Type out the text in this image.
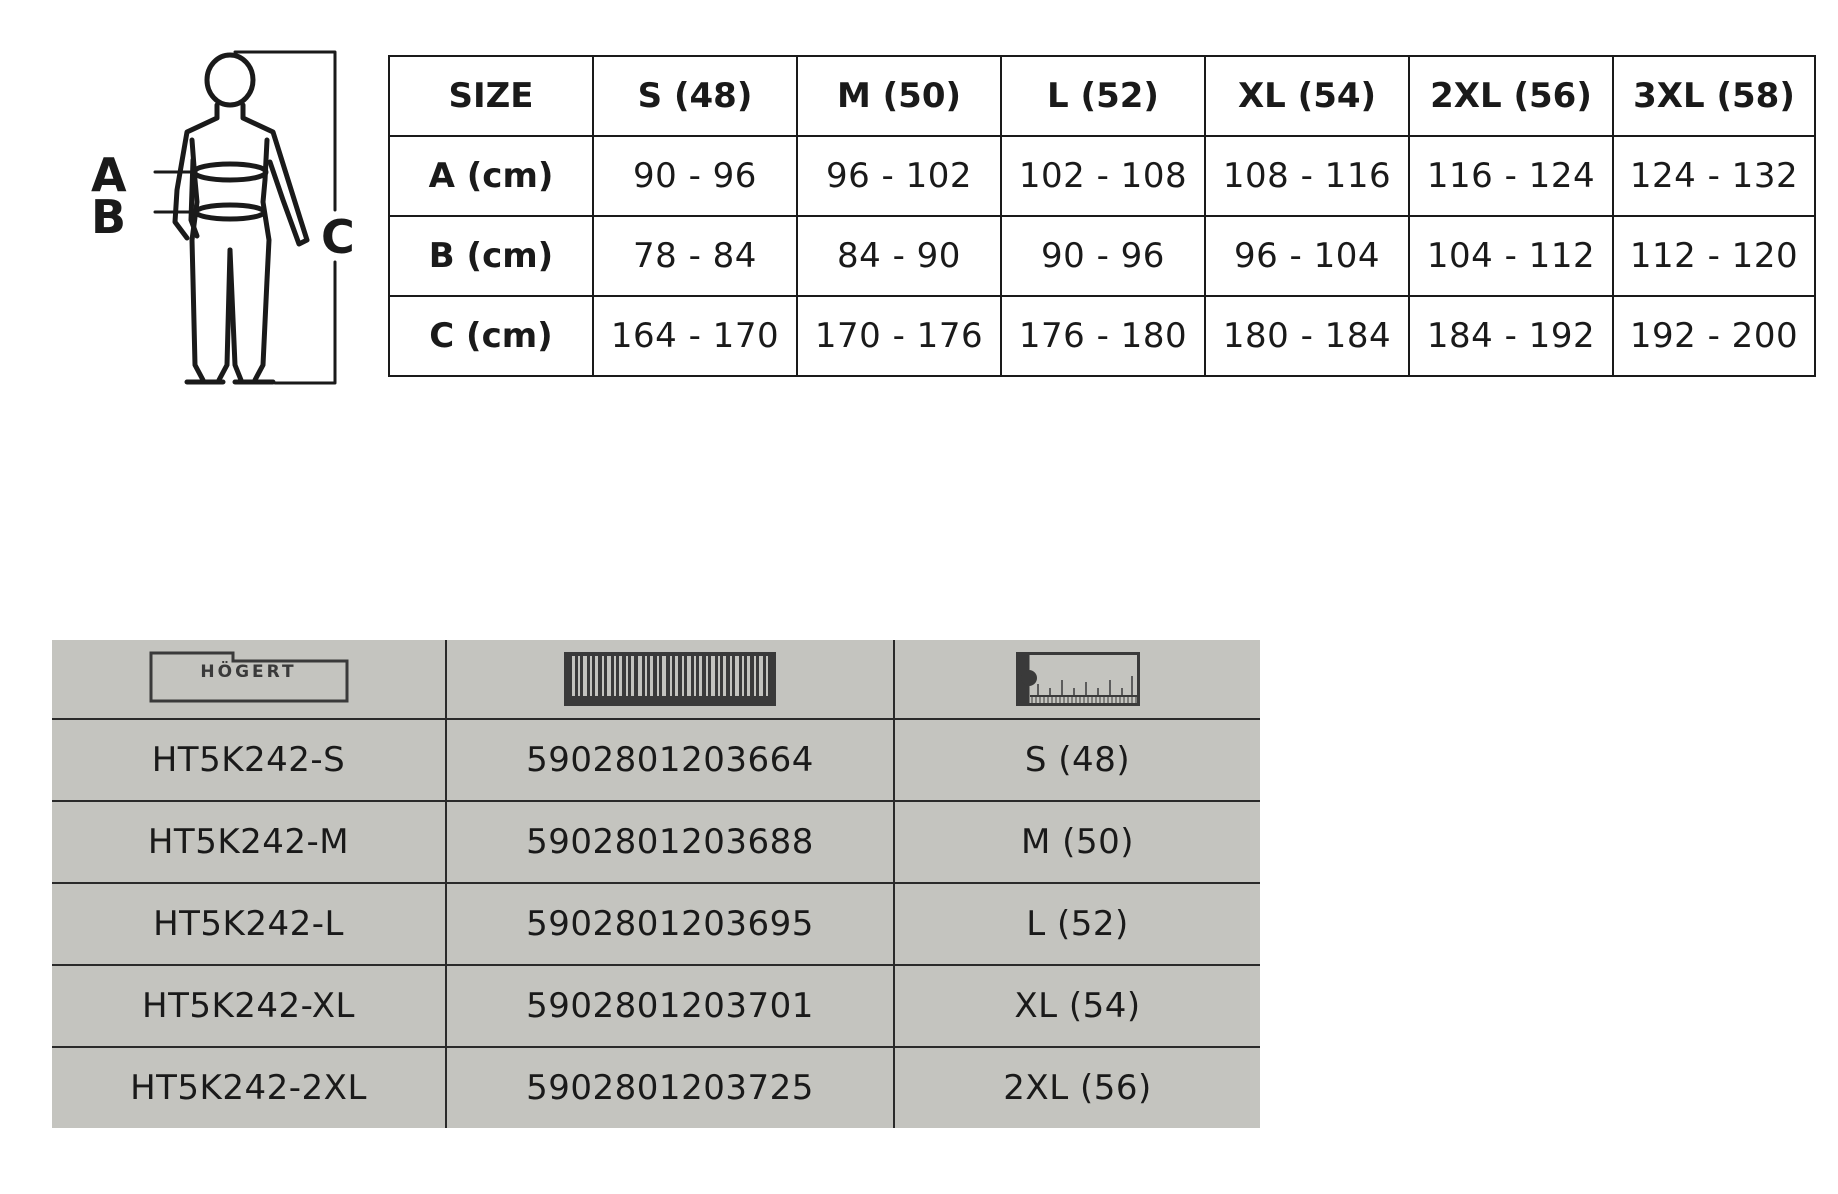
A
B	C
SIZE	S (48)	M (50)	L (52)	XL (54)	2XL (56)	3XL (58)
A (cm)	90 - 96	96 - 102	102 - 108	108 - 116	116 - 124	124 - 132
B (cm)	78 - 84	84 - 90	90 - 96	96 - 104	104 - 112	112 - 120
C (cm)	164 - 170	170 - 176	176 - 180	180 - 184	184 - 192	192 - 200
HÖGERT

HT5K242-S	5902801203664	S (48)
HT5K242-M	5902801203688	M (50)
HT5K242-L	5902801203695	L (52)
HT5K242-XL	5902801203701	XL (54)
HT5K242-2XL	5902801203725	2XL (56)
